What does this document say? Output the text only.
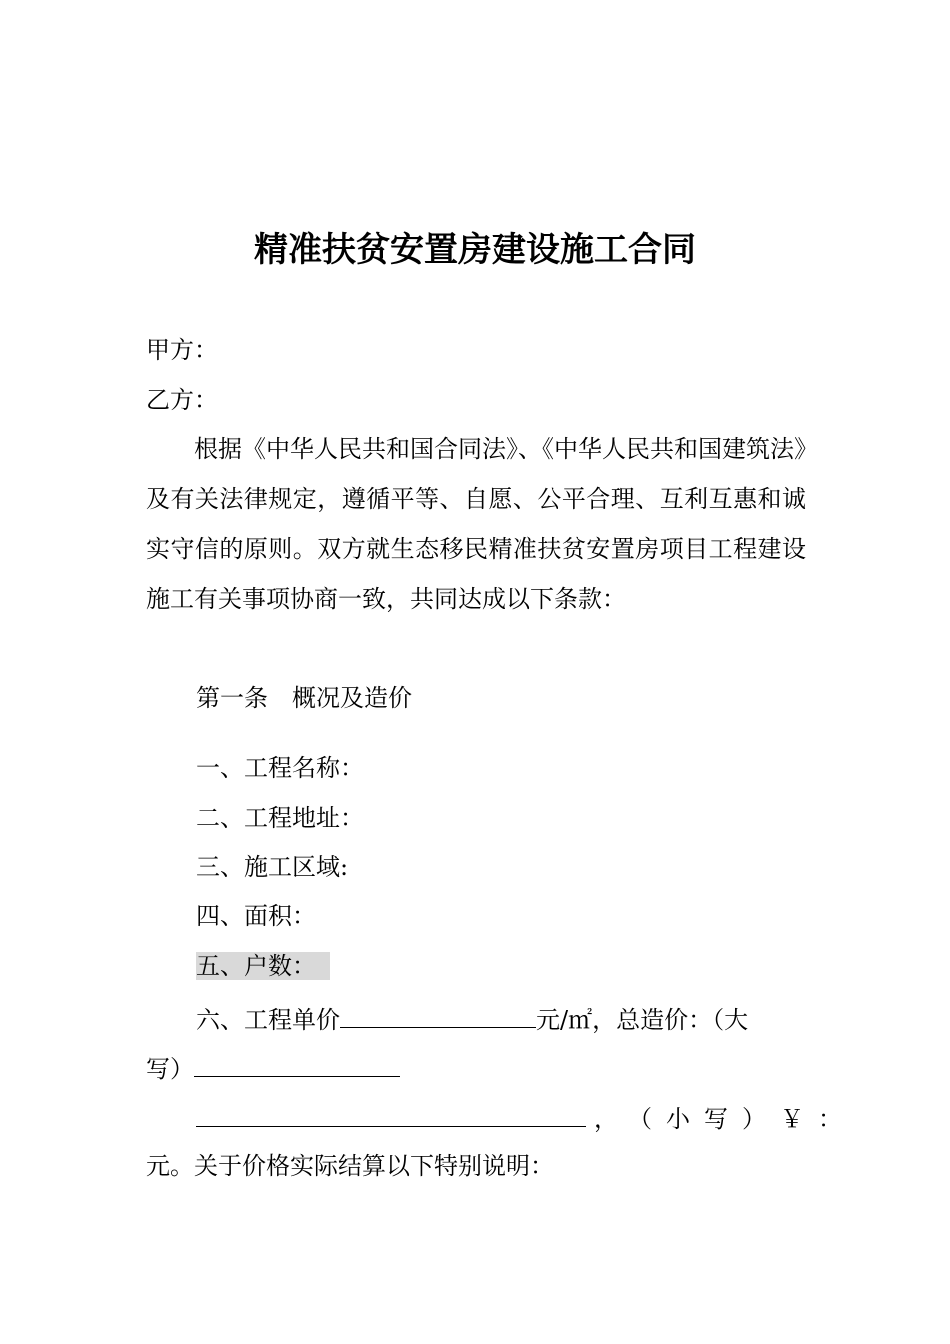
精准扶贫安置房建设施工合同
甲方：
乙方：
根据《中华人民共和国合同法》、《中华人民共和国建筑法》及有关法律规定，遵循平等、自愿、公平合理、互利互惠和诚实守信的原则。双方就生态移民精准扶贫安置房项目工程建设施工有关事项协商一致，共同达成以下条款：
第一条　概况及造价
一、工程名称：
二、工程地址：
三、施工区域:
四、面积：
五、户数：
六、工程单价	元/㎡，总造价：（大
写）
， （小写）￥：
元。关于价格实际结算以下特别说明：
